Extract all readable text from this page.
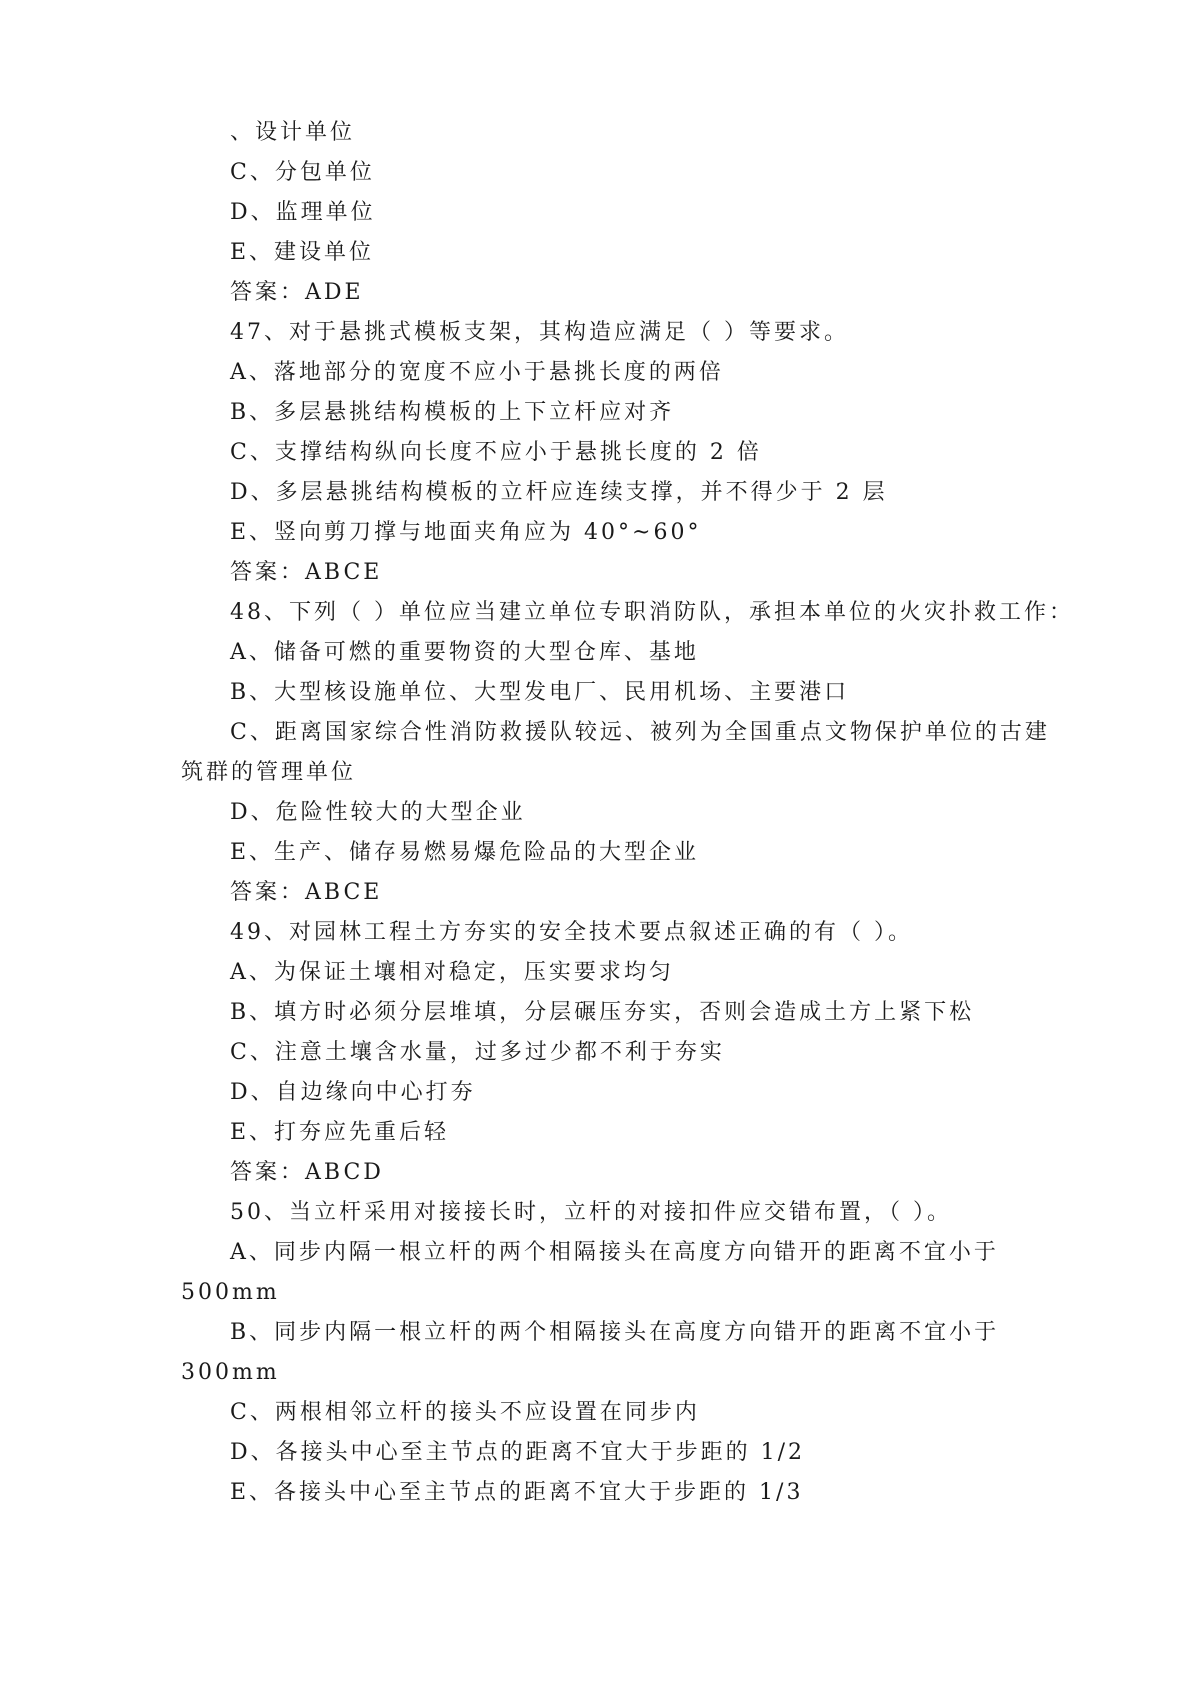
、设计单位
C、分包单位
D、监理单位
E、建设单位
答案：ADE
47、对于悬挑式模板支架，其构造应满足（ ）等要求。
A、落地部分的宽度不应小于悬挑长度的两倍
B、多层悬挑结构模板的上下立杆应对齐
C、支撑结构纵向长度不应小于悬挑长度的 2 倍
D、多层悬挑结构模板的立杆应连续支撑，并不得少于 2 层
E、竖向剪刀撑与地面夹角应为 40°~60°
答案：ABCE
48、下列（ ）单位应当建立单位专职消防队，承担本单位的火灾扑救工作：
A、储备可燃的重要物资的大型仓库、基地
B、大型核设施单位、大型发电厂、民用机场、主要港口
C、距离国家综合性消防救援队较远、被列为全国重点文物保护单位的古建
筑群的管理单位
D、危险性较大的大型企业
E、生产、储存易燃易爆危险品的大型企业
答案：ABCE
49、对园林工程土方夯实的安全技术要点叙述正确的有（ ）。
A、为保证土壤相对稳定，压实要求均匀
B、填方时必须分层堆填，分层碾压夯实，否则会造成土方上紧下松
C、注意土壤含水量，过多过少都不利于夯实
D、自边缘向中心打夯
E、打夯应先重后轻
答案：ABCD
50、当立杆采用对接接长时，立杆的对接扣件应交错布置，（ ）。
A、同步内隔一根立杆的两个相隔接头在高度方向错开的距离不宜小于
500mm
B、同步内隔一根立杆的两个相隔接头在高度方向错开的距离不宜小于
300mm
C、两根相邻立杆的接头不应设置在同步内
D、各接头中心至主节点的距离不宜大于步距的 1/2
E、各接头中心至主节点的距离不宜大于步距的 1/3
